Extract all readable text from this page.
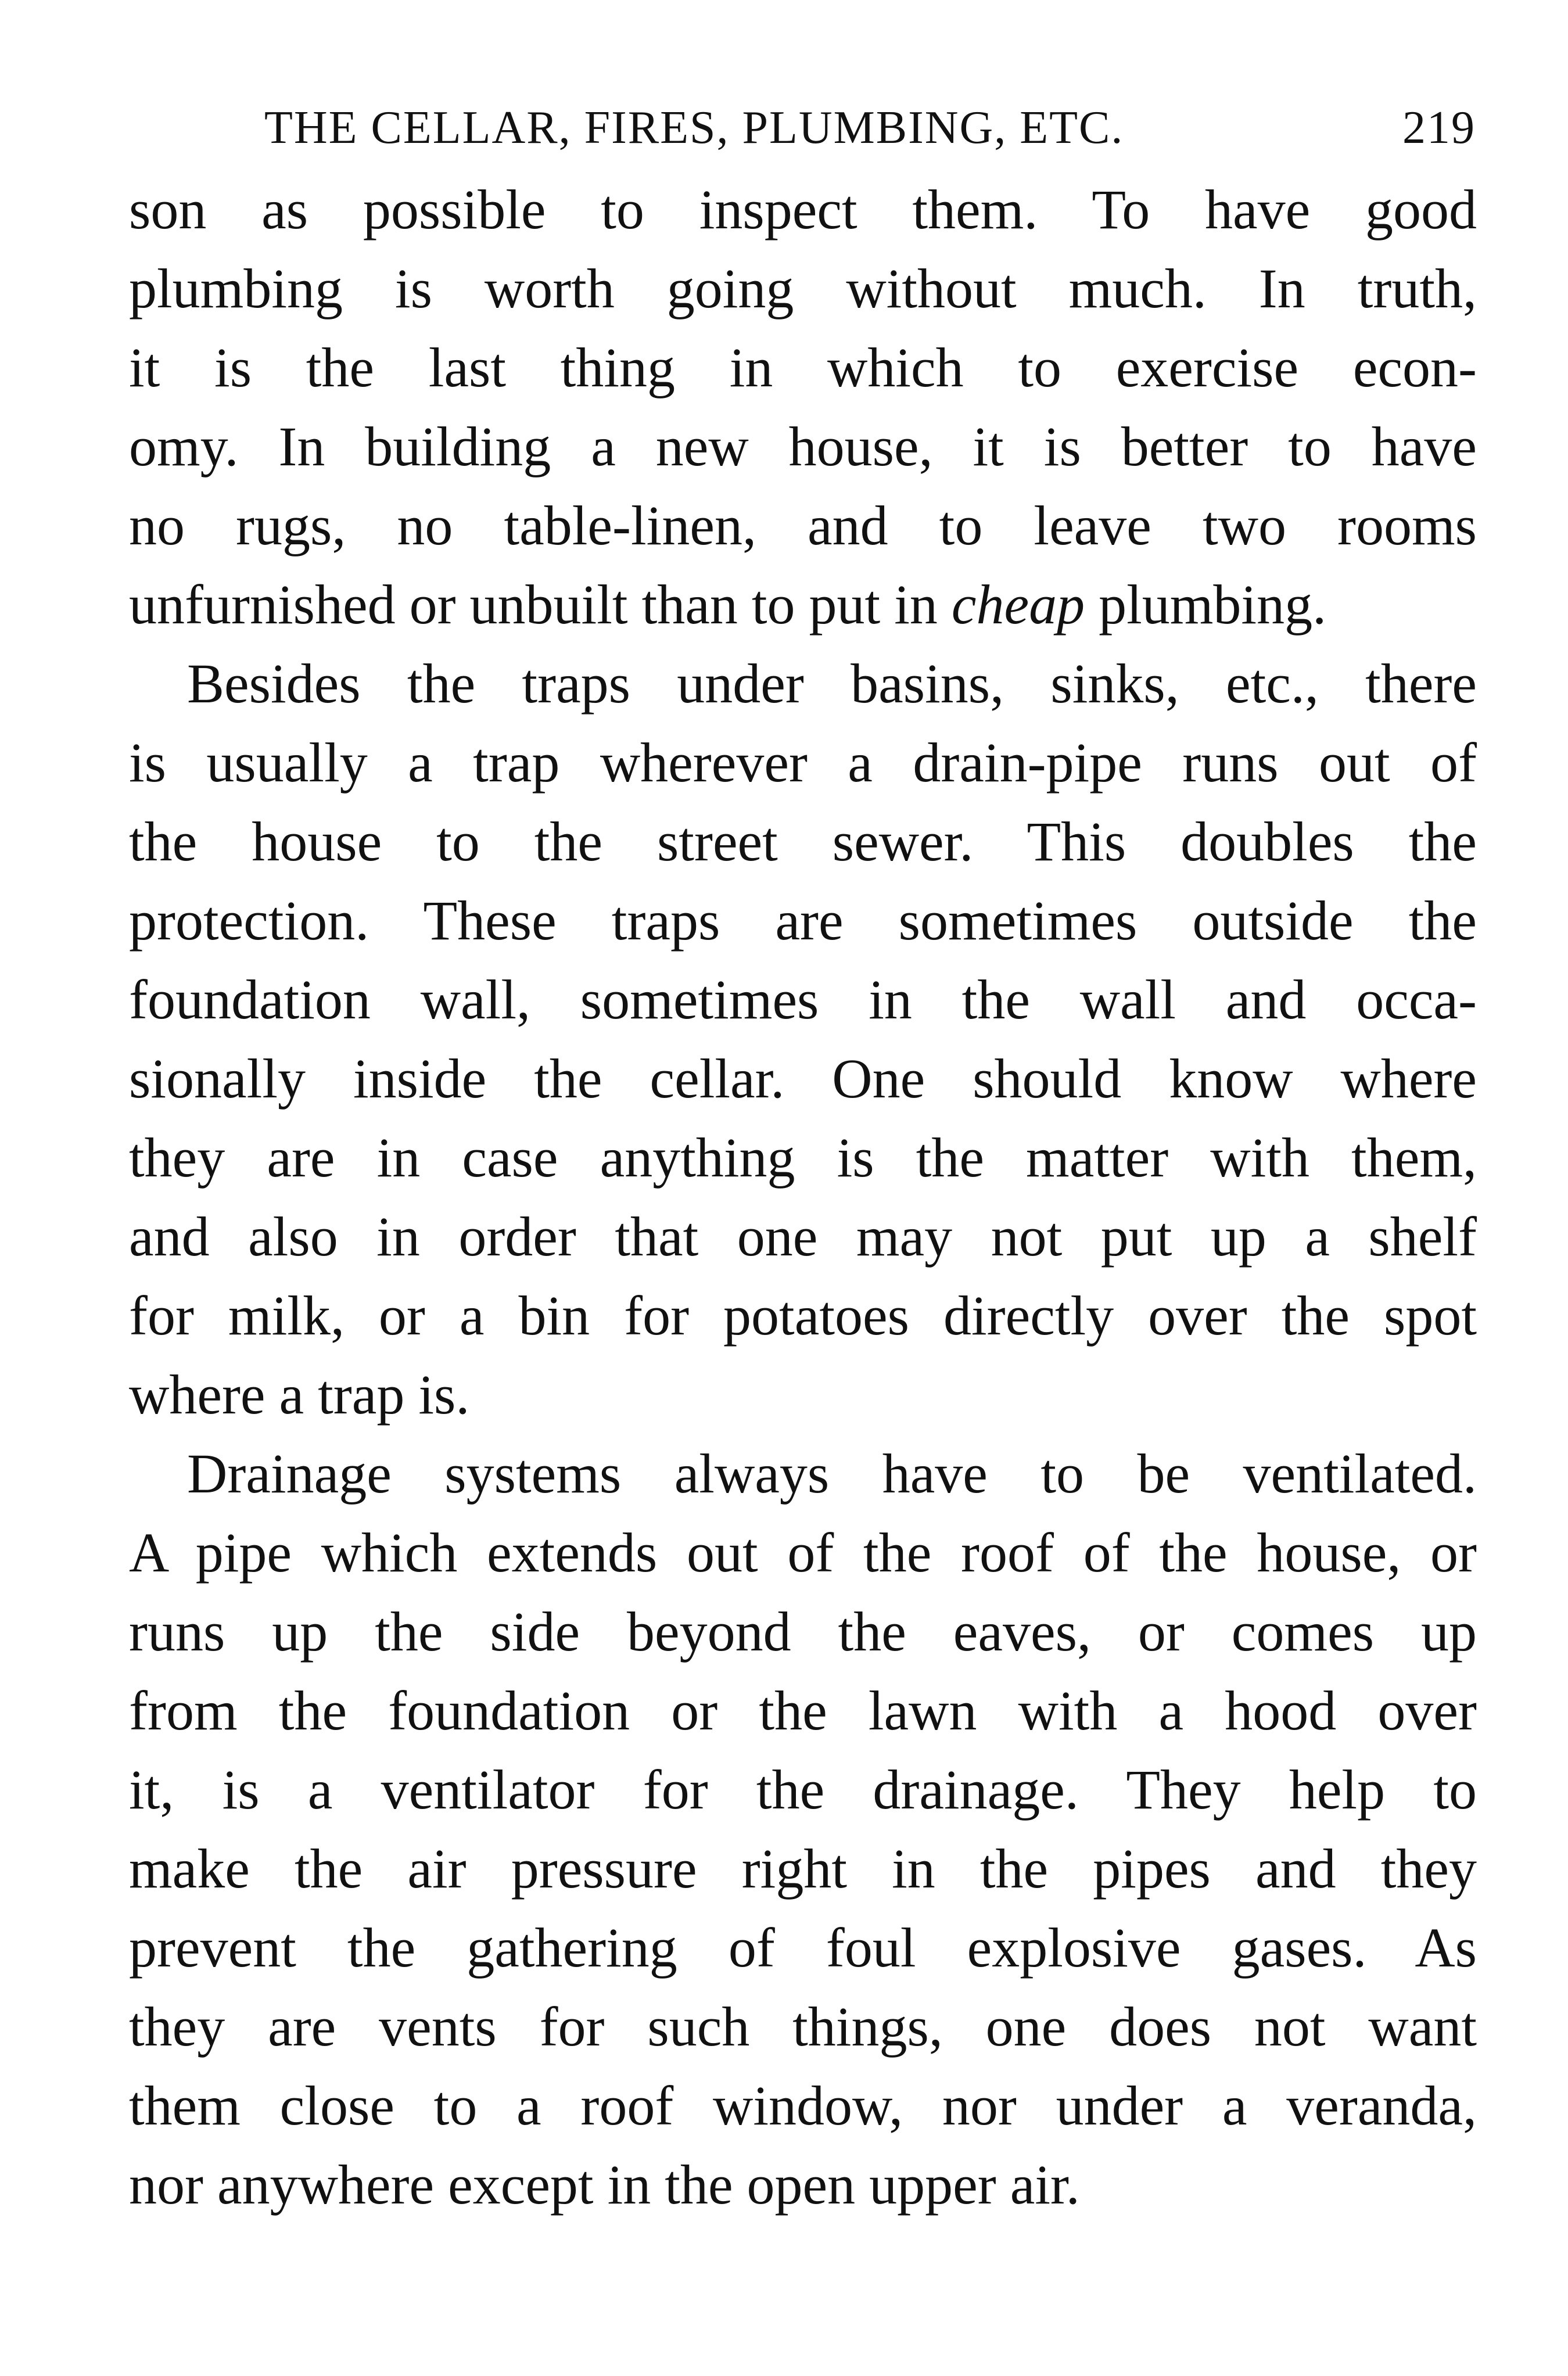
THE CELLAR, FIRES, PLUMBING, ETC.	219
son as possible to inspect them. To have good
plumbing is worth going without much. In truth,
it is the last thing in which to exercise econ-
omy. In building a new house, it is better to have
no rugs, no table-linen, and to leave two rooms
unfurnished or unbuilt than to put in cheap plumbing.
Besides the traps under basins, sinks, etc., there
is usually a trap wherever a drain-pipe runs out of
the house to the street sewer. This doubles the
protection. These traps are sometimes outside the
foundation wall, sometimes in the wall and occa-
sionally inside the cellar. One should know where
they are in case anything is the matter with them,
and also in order that one may not put up a shelf
for milk, or a bin for potatoes directly over the spot
where a trap is.
Drainage systems always have to be ventilated.
A pipe which extends out of the roof of the house, or
runs up the side beyond the eaves, or comes up
from the foundation or the lawn with a hood over
it, is a ventilator for the drainage. They help to
make the air pressure right in the pipes and they
prevent the gathering of foul explosive gases. As
they are vents for such things, one does not want
them close to a roof window, nor under a veranda,
nor anywhere except in the open upper air.
